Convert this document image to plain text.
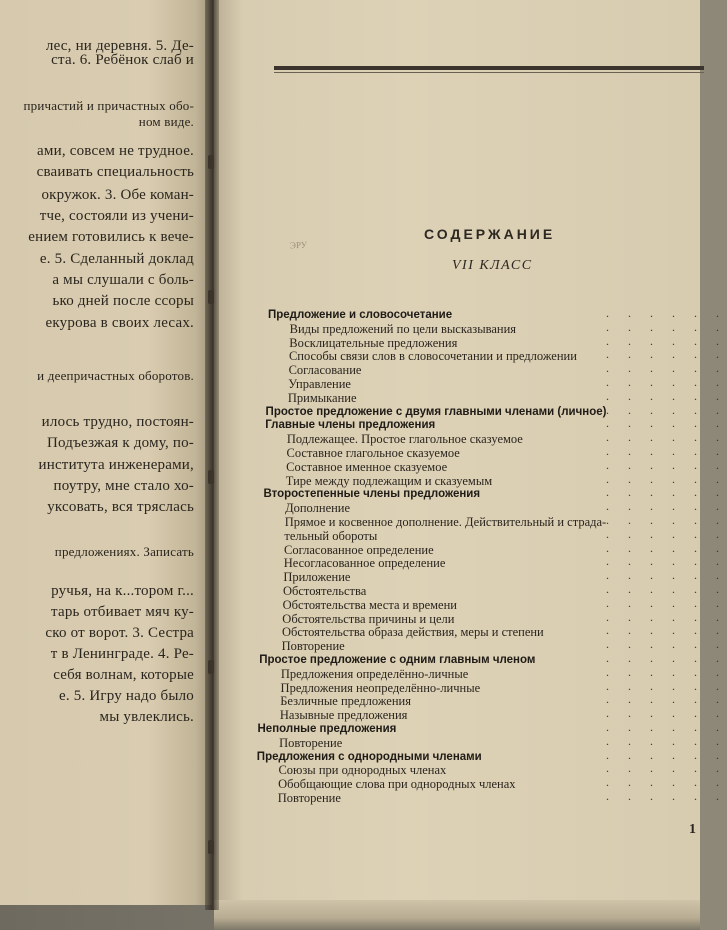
лес, ни деревня. 5. Де-
ста. 6. Ребёнок слаб и
причастий и причастных обо-
ном виде.
ами, совсем не трудное.
сваивать специальность
окружок. 3. Обе коман-
тче, состояли из учени-
ением готовились к вече-
е. 5. Сделанный доклад
а мы слушали с боль-
ько дней после ссоры
екурова в своих лесах.
и деепричастных оборотов.
илось трудно, постоян-
Подъезжая к дому, по-
института инженерами,
поутру, мне стало хо-
уксовать, вся тряслась
предложениях. Записать
ручья, на к...тором г...
тарь отбивает мяч ку-
ско от ворот. 3. Сестра
т в Ленинграде. 4. Ре-
себя волнам, которые
е. 5. Игру надо было
мы увлеклись.
ЭРУ
СОДЕРЖАНИЕ
VII КЛАСС
Предложение и словосочетание	. . . . . .
Виды предложений по цели высказывания	. . . . . .
Восклицательные предложения	. . . . . .
Способы связи слов в словосочетании и предложении . . . . . .
Согласование	. . . . . .
Управление	. . . . . .
Примыкание	. . . . . .
Простое предложение с двумя главными членами (личное) . . . . . .
Главные члены предложения	. . . . . .
Подлежащее. Простое глагольное сказуемое	. . . . . .
Составное глагольное сказуемое	. . . . . .
Составное именное сказуемое	. . . . . .
Тире между подлежащим и сказуемым	. . . . . .
Второстепенные члены предложения	. . . . . .
Дополнение	. . . . . .
Прямое и косвенное дополнение. Действительный и страда- . . . . . .
тельный обороты	. . . . . .
Согласованное определение	. . . . . .
Несогласованное определение	. . . . . .
Приложение	. . . . . .
Обстоятельства	. . . . . .
Обстоятельства места и времени	. . . . . .
Обстоятельства причины и цели	. . . . . .
Обстоятельства образа действия, меры и степени	. . . . . .
Повторение	. . . . . .
Простое предложение с одним главным членом	. . . . . .
Предложения определённо-личные	. . . . . .
Предложения неопределённо-личные	. . . . . .
Безличные предложения	. . . . . .
Назывные предложения	. . . . . .
Неполные предложения	. . . . . .
Повторение	. . . . . .
Предложения с однородными членами	. . . . . .
Союзы при однородных членах	. . . . . .
Обобщающие слова при однородных членах	. . . . . .
Повторение	. . . . . .
1
